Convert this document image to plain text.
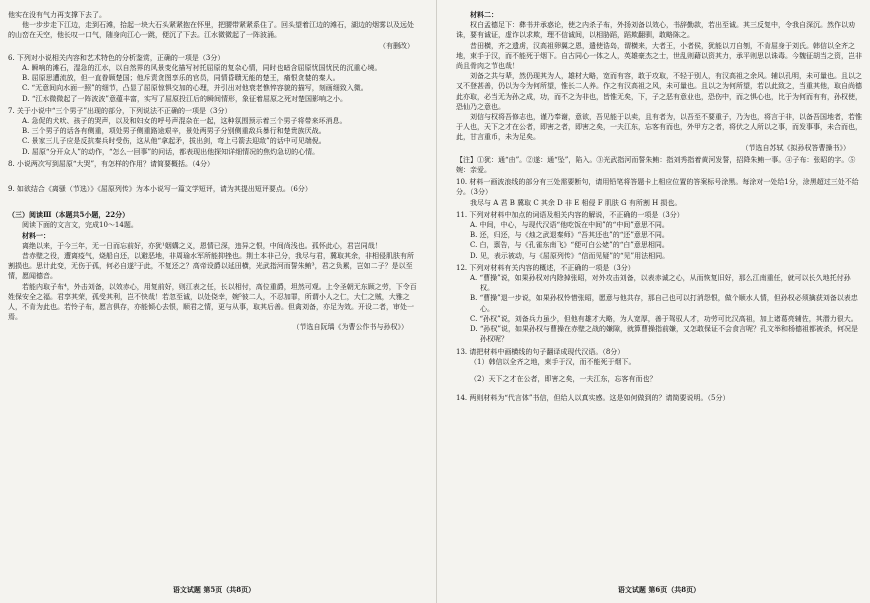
他实在没有气力再支撑下去了。

他一步步走下江边，走到石滩，拾起一块大石头紧紧抱在怀里，把腰带紧紧系住了。回头望着江边的滩石，湖边的烟雾以及远处的山峦在天空，他长叹一口气，随身向江心一跳，便沉了下去。江水微微起了一阵波涌。

（有删改）

6. 下列对小说相关内容和艺术特色的分析鉴赏，正确的一项是（3分）

A. 瞬响的滩石，湿急的江水，以自然界的风景变化描写衬托屈原的复杂心情，同时也暗含屈原忧国忧民的沉重心境。

B. 屈原思遭流放，但一直眷顾楚国；他斥责贪图享乐的官员，同情昏聩无能的楚王，痛恨贪婪的秦人。

C. “无意间向水面一照”的细节，凸显了屈原惊惧交加的心理，并引出对他衰老憔悴容貌的描写，刻画细致入微。

D. “江水微微起了一阵波波”意蕴丰富，实写了屈原投江后的瞬间情形，象征着屈原之死对楚国影响之小。

7. 关于小说中“三个男子”出现的部分，下列说法不正确的一项是（3分）

A. 急促的犬吠、孩子的哭声，以及和妇女的呼号声混杂在一起，这种氛围预示着三个男子将带来坏消息。

B. 三个男子的话各有侧重，项处男子侧重路途艰辛，景处两男子分别侧重敌兵暴行和楚贵族厌战。

C. 景家三儿子应是反抗秦兵时受伤，这从他“拿起矛，拔出剑，弯上弓箭去迎敌”的话中可见端倪。

D. 屈原“分开众人”的动作，“怎么一回事”的问话，都表现出他探知详细情况的焦灼急切的心情。

8. 小说两次写到屈原“大哭”，有怎样的作用？请简要概括。（4分）

9. 如欲结合《离骚（节选）》《屈原列传》为本小说写一篇文学短评，请为其提出短评要点。（6分）

（三）阅读Ⅲ（本题共5小题，22分）

阅读下面的文言文，完成10～14题。

材料一：

离绝以来，于今三年，无一日而忘前好，亦犹¹姻媾之义，恩情已深，违异之恨，中间尚浅也。孤怀此心，君岂同哉！

昔赤壁之役，遭离疫气，烧船自还，以避恶地，非周瑜水军所能抑挫也。荆土本非己分，我尽与君，冀取其余，非相侵肌肤有所割损也。思计此变，无伤于孤，何必自遂²于此，不复还之？高帝设爵以延田横，光武指河而誓朱鲔³，君之负累，岂如二子？是以至情，愿闻德音。

若能内取子布⁴，外击刘备，以效赤心，用复前好，则江表之任，长以相付，高位重爵，坦然可观。上令圣朝无东顾之劳，下令百姓保安全之福。君享其荣，孤受其利，岂不快哉！若忽至诚，以处侥幸，婉⁵彼二人，不忍加罪，所谓小人之仁，大仁之贼，大雅之人，不肯为此也。若怜子布，愿言俱存，亦能倾心去恨，顺君之情，更与从事，取其后善。但禽刘备，亦足为效。开设二者，审处一焉。

（节选自阮瑀《为曹公作书与孙权》）

语文试题 第5页（共8页）

材料二：

权白孟德足下：彝书并承惑论，使之内杀子布，外扬刘备以效心，书辞勤款，若出至诚。其三反复中，令我自深沉。然作以劝诛，要有诚证，虚诈以求欺，理不信诚间，以相胁蹈，蹈欺翻驯，敢略陈之。

昔田横，齐之遗虏，汉高祖卵翼之恩，遣使诰岛，谓横来，大者王，小者侯，犹能以刀自刎，不肯屈身于刘氏。韩信以全齐之地，束手于汉，而不能死于烟下。自古同心一体之人，英雄豪杰之士，世乱则藉以资其力，承平则思以诛毒。今魏征胡当之资，岂非尚且骨肉之节也哉！

刘备之共与辈，然仍现其为人，雄材大略，宽而有容，敢于攻取，不轻于别人，有汉高祖之余风。辅以孔明，未可量也。且以之又不登甚善，仍以为今为何所望，惟长二人养。作之有汉高祖之风，未可量也。且以之为何所望，若以此致之，当重其他，取自尚德此亦取，必当无为孙之成，功，而不之为非也，皆惟无矣，下，子之恶有意业也，恐伤中，而之惧心也，比于为何而有有，孙权使，恐仙乃之意也。

刘信与权将吾修志也，谨乃奉谢，意欲，吾见能于以卖，且有者为，以吾至不要重子，乃为也，将言于非，以备吾国地者，若惟于人也，天下之才在公者，即害之者，即害之矣，一夫江东，忘客有而也，外甲方之者，将伏之人所以之事，而发事事，未合而也，此，甘言重币，未为足矣。

（节选自苏轼《拟孙权答曹操书》）

【注】①犹：通“由”。②遂：通“坠”，陷入。③光武指河而誓朱鲔：指刘秀指着黄河发誓，招降朱鲔一事。④子布：张昭的字。⑤婉：亲爱。

10. 材料一画波浪线的部分有三处需要断句，请用铅笔将答题卡上相应位置的答案标号涂黑。每涂对一处给1分，涂黑超过三处不给分。（3分）

我尽与 A 君 B 冀取 C 其余 D 非 E 相侵 F 肌肤 G 有所割 H 损也。

11. 下列对材料中加点的词语及相关内容的解说，不正确的一项是（3分）

A. 中间，中心，与现代汉语“他吃饭在中间”的“中间”意思不同。

B. 还，归还，与《烛之武退秦师》“吾其还也”的“还”意思不同。

C. 白，禀告，与《孔雀东南飞》“便可白公姥”的“白”意思相同。

D. 见，表示被动，与《屈原列传》“信而见疑”的“见”用法相同。

12. 下列对材料有关内容的概述，不正确的一项是（3分）

A. “曹操”说，如果孙权对内除掉张昭，对外攻击刘备，以表赤诚之心，从而恢复旧好，那么江南重任，就可以长久地托付孙权。

B. “曹操”退一步说，如果孙权怜惜张昭，愿意与他共存，那自己也可以打消怨恨，做个顺水人情，但孙权必须擒获刘备以表忠心。

C. “孙权”说，刘备兵力虽少，但他有雄才大略，为人宽厚，善于驾驭人才，功劳可比汉高祖，加上诸葛亮辅佐，其潜力很大。

D. “孙权”说，如果孙权与曹操在赤壁之战的嫌隙，就算曹操指前嫌，又怎敢保证不会食言呢？孔文举和杨德祖都被杀，何况是孙权呢？

13. 请把材料中画横线的句子翻译成现代汉语。（8分）

（1）韩信以全齐之地，束手于汉，而不能死于烟下。

（2）天下之才在公者，即害之矣，一夫江东，忘客有而也？

14. 两则材料为“代言体”书信，但给人以真实感。这是如何做到的？请简要说明。（5分）

语文试题 第6页（共8页）
